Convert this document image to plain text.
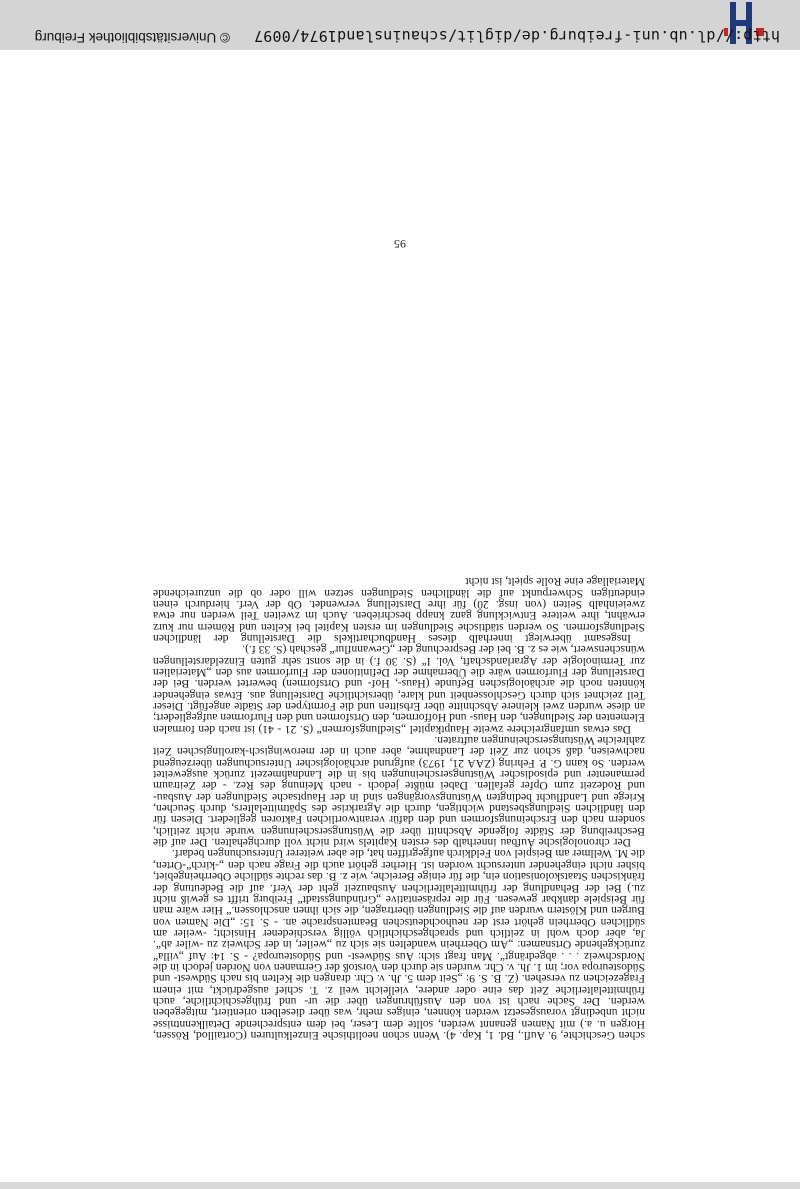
schen Geschichte, 9. Aufl., Bd. 1, Kap. 4). Wenn schon neolithische Einzelkulturen (Cortaillod, Rössen, Horgen u. a.) mit Namen genannt werden, sollte dem Leser, bei dem entsprechende Detailkenntnisse nicht unbedingt vorausgesetzt werden können, einiges mehr, was über dieselben orientiert, mitgegeben werden. Der Sache nach ist von den Ausführungen über die ur- und frühgeschichtliche, auch frühmittelalterliche Zeit das eine oder andere, vielleicht weil z. T. schief ausgedrückt, mit einem Fragezeichen zu versehen. (Z. B. S. 9: „Seit dem 5. Jh. v. Chr. drangen die Kelten bis nach Südwest- und Südosteuropa vor; im 1. Jh. v. Chr. wurden sie durch den Vorstoß der Germanen von Norden jedoch in die Nordschweiz . . . abgedrängt“. Man fragt sich: Aus Südwest- und Südosteuropa? - S. 14: Auf „villa“ zurückgehende Ortsnamen: „Am Oberrhein wandelten sie sich zu „weiler, in der Schweiz zu -wiler ab“. Ja, aber doch wohl in zeitlich und sprachgeschichtlich völlig verschiedener Hinsicht; -weiler am südlichen Oberrhein gehört erst der neuhochdeutschen Beamtensprache an. - S. 15: „Die Namen von Burgen und Klöstern wurden auf die Siedlungen übertragen, die sich ihnen anschlossen.“ Hier wäre man für Beispiele dankbar gewesen. Für die repräsentative „Gründungsstadt“ Freiburg trifft es gewiß nicht zu.) Bei der Behandlung der frühmittelalterlichen Ausbauzeit geht der Verf. auf die Bedeutung der fränkischen Staatskolonisation ein, die für einige Bereiche, wie z. B. das rechte südliche Oberrheingebiet, bisher nicht eingehender untersucht worden ist. Hierher gehört auch die Frage nach den „-kirch“-Orten, die M. Wellmer am Beispiel von Feldkirch aufgegriffen hat, die aber weiterer Untersuchungen bedarf.

Der chronologische Aufbau innerhalb des ersten Kapitels wird nicht voll durchgehalten. Der auf die Beschreibung der Städte folgende Abschnitt über die Wüstungserscheinungen wurde nicht zeitlich, sondern nach den Erscheinungsformen und den dafür verantwortlichen Faktoren gegliedert. Diesen für den ländlichen Siedlungsbestand wichtigen, durch die Agrarkrise des Spätmittelalters, durch Seuchen, Kriege und Landflucht bedingten Wüstungsvorgängen sind in der Hauptsache Siedlungen der Ausbau- und Rodezeit zum Opfer gefallen. Dabei müßte jedoch - nach Meinung des Rez. - der Zeitraum permanenter und episodischer Wüstungserscheinungen bis in die Landnahmezeit zurück ausgeweitet werden. So kann G. P. Fehring (ZAA 21, 1973) aufgrund archäologischer Untersuchungen überzeugend nachweisen, daß schon zur Zeit der Landnahme, aber auch in der merowingisch-karolingischen Zeit zahlreiche Wüstungserscheinungen auftraten.

Das etwas umfangreichere zweite Hauptkapitel „Siedlungsformen“ (S. 21 - 41) ist nach den formalen Elementen der Siedlungen, den Haus- und Hofformen, den Ortsformen und den Flurformen aufgegliedert; an diese wurden zwei kleinere Abschnitte über Erbsitten und die Formtypen der Städte angefügt. Dieser Teil zeichnet sich durch Geschlossenheit und klare, übersichtliche Darstellung aus. Etwas eingehender könnten noch die archäologischen Befunde (Haus-, Hof- und Ortsformen) bewertet werden. Bei der Darstellung der Flurformen wäre die Übernahme der Definitionen der Flurformen aus den „Materialien zur Terminologie der Agrarlandschaft, Vol. I“ (S. 30 f.) in die sonst sehr guten Einzeldarstellungen wünschenswert, wie es z. B. bei der Besprechung der „Gewannflur“ geschah (S. 33 f.).

Insgesamt überwiegt innerhalb dieses Handbuchartikels die Darstellung der ländlichen Siedlungsformen. So werden städtische Siedlungen im ersten Kapitel bei Kelten und Römern nur kurz erwähnt, ihre weitere Entwicklung ganz knapp beschrieben. Auch im zweiten Teil werden nur etwa zweieinhalb Seiten (von insg. 20) für ihre Darstellung verwendet. Ob der Verf. hierdurch einen eindeutigen Schwerpunkt auf die ländlichen Siedlungen setzen will oder ob die unzureichende Materiallage eine Rolle spielt, ist nicht

95
http://dl.ub.uni-freiburg.de/diglit/schauinsland1974/0097
© Universitätsbibliothek Freiburg
